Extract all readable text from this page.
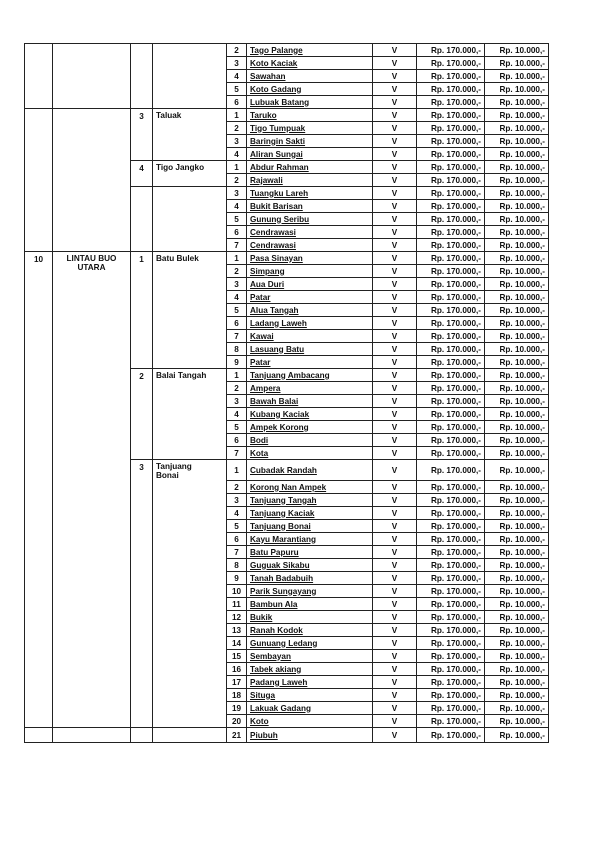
				2	Tago Palange	V	Rp. 170.000,-	Rp. 10.000,-
				3	Koto Kaciak	V	Rp. 170.000,-	Rp. 10.000,-
				4	Sawahan	V	Rp. 170.000,-	Rp. 10.000,-
				5	Koto Gadang	V	Rp. 170.000,-	Rp. 10.000,-
				6	Lubuak Batang	V	Rp. 170.000,-	Rp. 10.000,-
		3	Taluak	1	Taruko	V	Rp. 170.000,-	Rp. 10.000,-
				2	Tigo Tumpuak	V	Rp. 170.000,-	Rp. 10.000,-
				3	Baringin Sakti	V	Rp. 170.000,-	Rp. 10.000,-
				4	Aliran Sungai	V	Rp. 170.000,-	Rp. 10.000,-
		4	Tigo Jangko	1	Abdur Rahman	V	Rp. 170.000,-	Rp. 10.000,-
				2	Rajawali	V	Rp. 170.000,-	Rp. 10.000,-
				3	Tuangku Lareh	V	Rp. 170.000,-	Rp. 10.000,-
				4	Bukit Barisan	V	Rp. 170.000,-	Rp. 10.000,-
				5	Gunung Seribu	V	Rp. 170.000,-	Rp. 10.000,-
				6	Cendrawasi	V	Rp. 170.000,-	Rp. 10.000,-
				7	Cendrawasi	V	Rp. 170.000,-	Rp. 10.000,-
10	LINTAU BUO UTARA	1	Batu Bulek	1	Pasa Sinayan	V	Rp. 170.000,-	Rp. 10.000,-
				2	Simpang	V	Rp. 170.000,-	Rp. 10.000,-
				3	Aua Duri	V	Rp. 170.000,-	Rp. 10.000,-
				4	Patar	V	Rp. 170.000,-	Rp. 10.000,-
				5	Alua Tangah	V	Rp. 170.000,-	Rp. 10.000,-
				6	Ladang Laweh	V	Rp. 170.000,-	Rp. 10.000,-
				7	Kawai	V	Rp. 170.000,-	Rp. 10.000,-
				8	Lasuang Batu	V	Rp. 170.000,-	Rp. 10.000,-
				9	Patar	V	Rp. 170.000,-	Rp. 10.000,-
		2	Balai Tangah	1	Tanjuang Ambacang	V	Rp. 170.000,-	Rp. 10.000,-
				2	Ampera	V	Rp. 170.000,-	Rp. 10.000,-
				3	Bawah Balai	V	Rp. 170.000,-	Rp. 10.000,-
				4	Kubang Kaciak	V	Rp. 170.000,-	Rp. 10.000,-
				5	Ampek Korong	V	Rp. 170.000,-	Rp. 10.000,-
				6	Bodi	V	Rp. 170.000,-	Rp. 10.000,-
				7	Kota	V	Rp. 170.000,-	Rp. 10.000,-
		3	Tanjuang Bonai	1	Cubadak Randah	V	Rp. 170.000,-	Rp. 10.000,-
				2	Korong Nan Ampek	V	Rp. 170.000,-	Rp. 10.000,-
				3	Tanjuang Tangah	V	Rp. 170.000,-	Rp. 10.000,-
				4	Tanjuang Kaciak	V	Rp. 170.000,-	Rp. 10.000,-
				5	Tanjuang Bonai	V	Rp. 170.000,-	Rp. 10.000,-
				6	Kayu Marantiang	V	Rp. 170.000,-	Rp. 10.000,-
				7	Batu Papuru	V	Rp. 170.000,-	Rp. 10.000,-
				8	Guguak Sikabu	V	Rp. 170.000,-	Rp. 10.000,-
				9	Tanah Badabuih	V	Rp. 170.000,-	Rp. 10.000,-
				10	Parik Sungayang	V	Rp. 170.000,-	Rp. 10.000,-
				11	Bambun Ala	V	Rp. 170.000,-	Rp. 10.000,-
				12	Bukik	V	Rp. 170.000,-	Rp. 10.000,-
				13	Ranah Kodok	V	Rp. 170.000,-	Rp. 10.000,-
				14	Gunuang Ledang	V	Rp. 170.000,-	Rp. 10.000,-
				15	Sembayan	V	Rp. 170.000,-	Rp. 10.000,-
				16	Tabek akiang	V	Rp. 170.000,-	Rp. 10.000,-
				17	Padang Laweh	V	Rp. 170.000,-	Rp. 10.000,-
				18	Situga	V	Rp. 170.000,-	Rp. 10.000,-
				19	Lakuak Gadang	V	Rp. 170.000,-	Rp. 10.000,-
				20	Koto	V	Rp. 170.000,-	Rp. 10.000,-
				21	Piubuh	V	Rp. 170.000,-	Rp. 10.000,-
